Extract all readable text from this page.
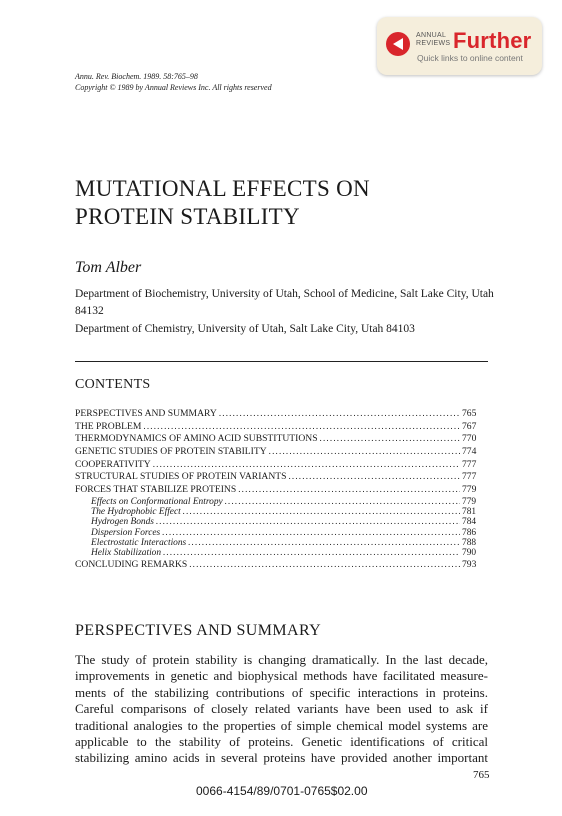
ANNUAL
REVIEWS Further
Quick links to online content
Annu. Rev. Biochem. 1989. 58:765–98
Copyright © 1989 by Annual Reviews Inc. All rights reserved
MUTATIONAL EFFECTS ON
PROTEIN STABILITY
Tom Alber
Department of Biochemistry, University of Utah, School of Medicine, Salt Lake City, Utah 84132
Department of Chemistry, University of Utah, Salt Lake City, Utah 84103
CONTENTS
PERSPECTIVES AND SUMMARY .....	765
THE PROBLEM .....	767
THERMODYNAMICS OF AMINO ACID SUBSTITUTIONS .....	770
GENETIC STUDIES OF PROTEIN STABILITY .....	774
COOPERATIVITY .....	777
STRUCTURAL STUDIES OF PROTEIN VARIANTS .....	777
FORCES THAT STABILIZE PROTEINS .....	779
Effects on Conformational Entropy .....	779
The Hydrophobic Effect .....	781
Hydrogen Bonds .....	784
Dispersion Forces .....	786
Electrostatic Interactions .....	788
Helix Stabilization .....	790
CONCLUDING REMARKS .....	793
PERSPECTIVES AND SUMMARY
The study of protein stability is changing dramatically. In the last decade,
improvements in genetic and biophysical methods have facilitated measure-
ments of the stabilizing contributions of specific interactions in proteins.
Careful comparisons of closely related variants have been used to ask if
traditional analogies to the properties of simple chemical model systems are
applicable to the stability of proteins. Genetic identifications of critical
stabilizing amino acids in several proteins have provided another important
765
0066-4154/89/0701-0765$02.00
